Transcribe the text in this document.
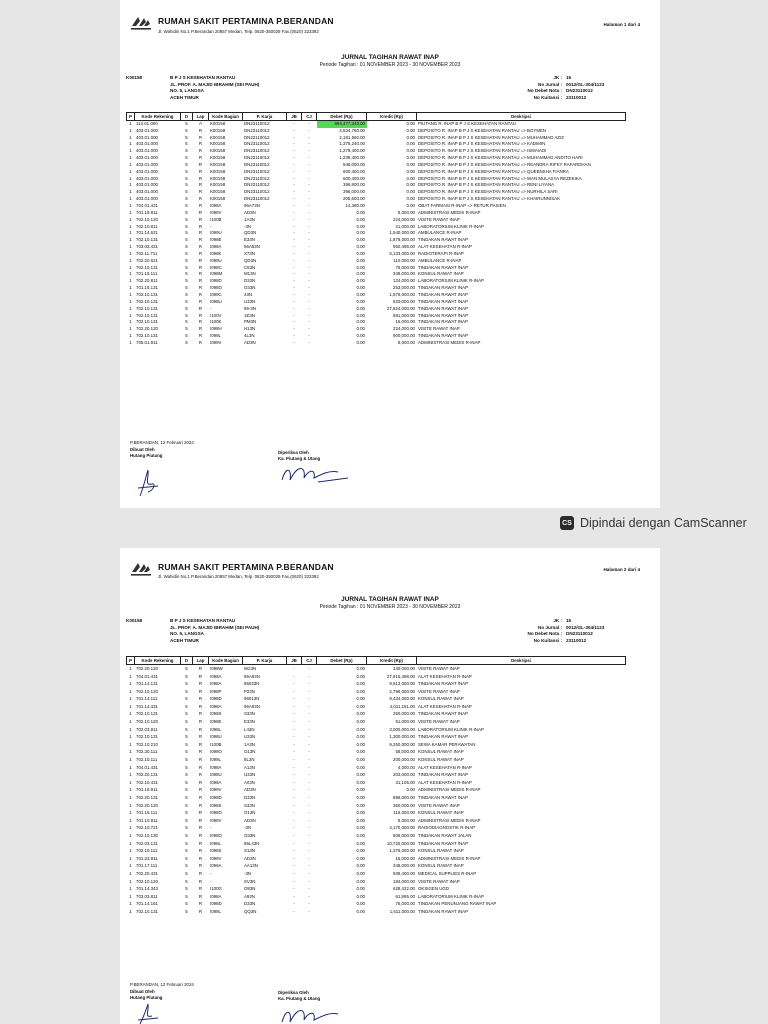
RUMAH SAKIT PERTAMINA P.BERANDAN
Jl. Wahidin No.1 P.Berandan 20857 Medan, Telp. 0620-350029 Fax.(0620) 323392
Halaman 1 dari 4
JURNAL TAGIHAN RAWAT INAP
Periode Tagihan : 01 NOVEMBER 2023 - 30 NOVEMBER 2023
K00158	B P J S KESEHATAN RANTAU
JL. PROF. A. MAJID IBRAHIM (SEI PAUH)
NO. 5, LANGSA
ACEH TIMUR
JK : 15
No Jurnal : 0012/GL-304/1123
No Debet Nota : DN23110012
No Kuitansi : 23110012
P	Kode Rekening	D	Lap	Kode Bagian	P. Karja	JB	CJ	Debet (Rp)	Kredit (Rp)	Deskripsi
1	113.01.000	5	A	K00158	DN23110012	-	-	894,477,343.00	0.00	PIUTANG R. INAP B P J S KESEHATAN RANTAU
1	403.01.000	5	R	K00158	DN23110012	-	-	2,534,760.00	0.00	DEPOSITO R. INAP B P J S KESEHATAN RANTAU => BOYMEN
1	403.01.000	5	R	K00158	DN23110012	-	-	2,181,560.00	0.00	DEPOSITO R. INAP B P J S KESEHATAN RANTAU => MUHAMMAD AZIZ
1	403.01.000	5	R	K00158	DN23110012	-	-	1,376,240.00	0.00	DEPOSITO R. INAP B P J S KESEHATAN RANTAU => KADIMIN
1	403.01.000	5	R	K00158	DN23110012	-	-	1,279,400.00	0.00	DEPOSITO R. INAP B P J S KESEHATAN RANTAU => ISMAIADI
1	403.01.000	5	R	K00158	DN23110012	-	-	1,239,400.00	0.00	DEPOSITO R. INAP B P J S KESEHATAN RANTAU => MUHAMMAD ANDITO HARI
1	403.01.000	5	R	K00158	DN23110012	-	-	946,000.00	0.00	DEPOSITO R. INAP B P J S KESEHATAN RANTAU => REANDRA RIFKY RAFARDHAN
1	403.01.000	5	R	K00158	DN23110012	-	-	600,400.00	0.00	DEPOSITO R. INAP B P J S KESEHATAN RANTAU => QUEENSHA FIANRA
1	403.01.000	5	R	K00158	DN23110012	-	-	600,400.00	0.00	DEPOSITO R. INAP B P J S KESEHATAN RANTAU => WAN MULASYA REZEKIKA
1	403.01.000	5	R	K00158	DN23110012	-	-	396,800.00	0.00	DEPOSITO R. INAP B P J S KESEHATAN RANTAU => RENI LIYANA
1	403.01.000	5	R	K00158	DN23110012	-	-	396,000.00	0.00	DEPOSITO R. INAP B P J S KESEHATAN RANTAU => NURHILA SARI
1	403.01.000	5	R	K00158	DN23110012	-	-	205,600.00	0.00	DEPOSITO R. INAP B P J S KESEHATAN RANTAU => KHAIRUNNISAK
1	704.01.431	5	R	I098A	96A73N	-	-	14,380.00	0.00	OBAT FARMASI R-INAP => RETUR PASIEN
1	701.19.911	5	R	I099V	AD3N	-	-	0.00	8,000.00	ADMINISTRASI MEDIS R-INAP
1	702.10.120	5	R	I100B	1A3N	-	-	0.00	224,000.00	VISITE RAWAT INAP
1	702.10.811	5	R	-	-3N	-	-	0.00	21,000.00	LABORATORIUM KLINIK R-INAP
1	701.14.621	5	R	I099U	QD3N	-	-	0.00	1,540,000.00	AMBULANCE R-INAP
1	702.10.131	5	R	I098E	E33N	-	-	0.00	1,878,000.00	TINDAKAN RAWAT INAP
1	703.03.431	5	R	I098A	96A53N	-	-	0.00	950,496.00	ALAT KESEHATAN R-INAP
1	702.11.711	5	R	I098K	X73N	-	-	0.00	5,133,000.00	RADIOTERAPI R-INAP
1	702.20.621	5	R	I099U	QD3N	-	-	0.00	110,000.00	AMBULANCE R-INAP
1	702.10.131	5	R	I098C	C63N	-	-	0.00	75,000.00	TINDAKAN RAWAT INAP
1	701.19.111	5	R	I098M	M13N	-	-	0.00	348,000.00	KONSUL RAWAT INAP
1	702.20.811	5	R	I098D	D33N	-	-	0.00	124,000.00	LABORATORIUM KLINIK R-INAP
1	701.16.131	5	R	I098O	O33N	-	-	0.00	253,000.00	TINDAKAN RAWAT INAP
1	702.10.131	5	R	I099C	43N	-	-	0.00	1,976,000.00	TINDAKAN RAWAT INAP
1	702.10.131	5	R	I098U	U33N	-	-	0.00	820,000.00	TINDAKAN RAWAT INAP
1	702.10.131	5	R	-	96-3N	-	-	0.00	27,824,000.00	TINDAKAN RAWAT INAP
1	702.10.131	5	R	I100V	1E3N	-	-	0.00	581,000.00	TINDAKAN RAWAT INAP
1	702.10.131	5	R	I100K	PM3N	-	-	0.00	16,000.00	TINDAKAN RAWAT INAP
1	702.20.120	5	R	I098H	H13N	-	-	0.00	224,000.00	VISITE RAWAT INAP
1	702.10.131	5	R	I099L	4L3N	-	-	0.00	900,000.00	TINDAKAN RAWAT INAP
1	705.01.911	5	R	I099V	AD3N	-	-	0.00	8,000.00	ADMINISTRASI MEDIS R-INAP
P.BERANDAN, 12 Februari 2024
Dibuat Oleh
Hutang Piutang
Diperiksa Oleh
Ka. Piutang & Utang
CS Dipindai dengan CamScanner
RUMAH SAKIT PERTAMINA P.BERANDAN
Jl. Wahidin No.1 P.Berandan 20857 Medan, Telp. 0620-350029 Fax.(0620) 323392
Halaman 2 dari 4
JURNAL TAGIHAN RAWAT INAP
Periode Tagihan : 01 NOVEMBER 2023 - 30 NOVEMBER 2023
K00158	B P J S KESEHATAN RANTAU
JL. PROF. A. MAJID IBRAHIM (SEI PAUH)
NO. 5, LANGSA
ACEH TIMUR
JK : 15
No Jurnal : 0012/GL-304/1123
No Debet Nota : DN23110012
No Kuitansi : 23110012
P	Kode Rekening	D	Lap	Kode Bagian	P. Karja	JB	CJ	Debet (Rp)	Kredit (Rp)	Deskripsi
1	702.20.120	5	R	I098W	W23N	-	-	0.00	240,000.00	VISITE RAWAT INAP
1	704.01.431	5	R	I098A	96A93N	-	-	0.00	27,915,498.00	ALAT KESEHATAN R-INAP
1	701.14.131	5	R	I098A	96033N	-	-	0.00	9,513,000.00	TINDAKAN RAWAT INAP
1	702.10.120	5	R	I098P	P23N	-	-	0.00	2,796,000.00	VISITE RAWAT INAP
1	701.14.111	5	R	I098D	96013N	-	-	0.00	9,434,000.00	KONSUL RAWAT INAP
1	701.14.431	5	R	I098A	96A93N	-	-	0.00	4,011,151.00	ALAT KESEHATAN R-INAP
1	702.10.131	5	R	I098S	S33N	-	-	0.00	250,000.00	TINDAKAN RAWAT INAP
1	702.10.120	5	R	I098E	E33N	-	-	0.00	51,000.00	VISITE RAWAT INAP
1	702.03.811	5	R	I098L	L43N	-	-	0.00	3,000,000.00	LABORATORIUM KLINIK R-INAP
1	702.10.131	5	R	I098U	U33N	-	-	0.00	1,300,000.00	TINDAKAN RAWAT INAP
1	702.10.210	5	R	I100B	1A3N	-	-	0.00	9,250,000.00	SEWA KAMAR PERAWATAN
1	702.30.111	5	R	I098O	O13N	-	-	0.00	58,000.00	KONSUL RAWAT INAP
1	702.10.111	5	R	I099L	8L3N	-	-	0.00	200,000.00	KONSUL RAWAT INAP
1	704.01.431	5	R	I098A	A13N	-	-	0.00	4,000.00	ALAT KESEHATAN R-INAP
1	702.20.131	5	R	I098U	U33N	-	-	0.00	203,000.00	TINDAKAN RAWAT INAP
1	702.10.431	5	R	I098A	A03N	-	-	0.00	31,105.00	ALAT KESEHATAN R-INAP
1	701.16.911	5	R	I099V	AD3N	-	-	0.00	0.00	ADMINISTRASI MEDIS R-INAP
1	702.20.131	5	R	I098D	D33N	-	-	0.00	898,000.00	TINDAKAN RAWAT INAP
1	702.20.120	5	R	I098S	S33N	-	-	0.00	360,000.00	VISITE RAWAT INAP
1	701.16.111	5	R	I098O	O13N	-	-	0.00	116,000.00	KONSUL RAWAT INAP
1	701.10.911	5	R	I099V	AD3N	-	-	0.00	8,000.00	ADMINISTRASI MEDIS R-INAP
1	702.10.721	5	R	-	-3N	-	-	0.00	4,170,000.00	RADIODIAGNOSTIK R-INAP
1	702.10.130	5	R	I098O	O33N	-	-	0.00	506,000.00	TINDAKAN RAWAT JALAN
1	702.03.131	5	R	I098L	96L43N	-	-	0.00	10,725,000.00	TINDAKAN RAWAT INAP
1	702.10.111	5	R	I098S	S13N	-	-	0.00	1,376,000.00	KONSUL RAWAT INAP
1	701.23.911	5	R	I099V	AD3N	-	-	0.00	16,000.00	ADMINISTRASI MEDIS R-INAP
1	701.17.111	5	R	I099A	AA13N	-	-	0.00	348,000.00	KONSUL RAWAT INAP
1	702.20.431	5	R	-	-3N	-	-	0.00	939,400.00	MEDICAL SUPPLIES R-INAP
1	702.10.120	5	R	-	SV3N	-	-	0.00	184,000.00	VISITE RAWAT INAP
1	701.14.343	5	R	I100G	O93N	-	-	0.00	628,422.00	OKSIGEN UGD
1	703.03.811	5	R	I098A	A93N	-	-	0.00	61,895.00	LABORATORIUM KLINIK R-INAP
1	701.14.161	5	R	I098D	D33N	-	-	0.00	76,000.00	TINDAKAN PENUNJANG RAWAT INAP
1	702.10.131	5	R	I099L	QQ3N	-	-	0.00	1,611,000.00	TINDAKAN RAWAT INAP
P.BERANDAN, 12 Februari 2024
Dibuat Oleh
Hutang Piutang
Diperiksa Oleh
Ka. Piutang & Utang
